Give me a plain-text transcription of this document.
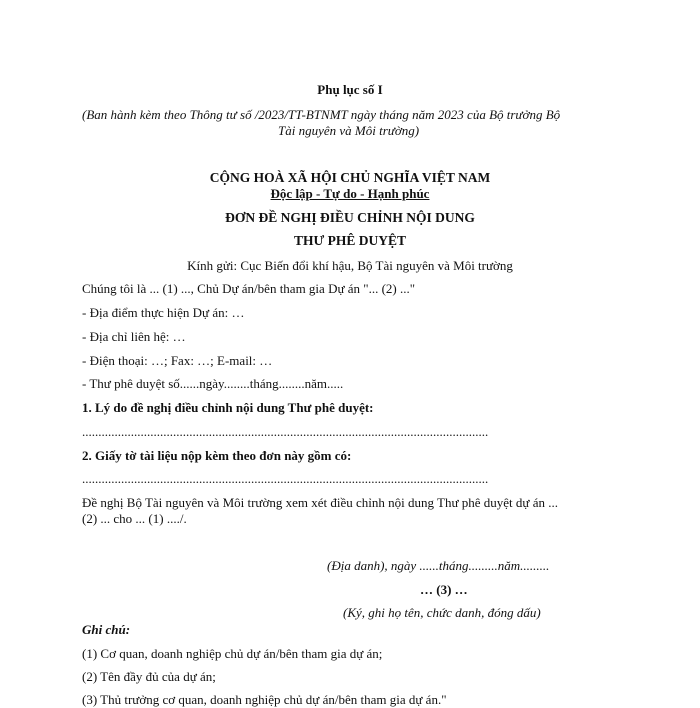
Phụ lục số I
(Ban hành kèm theo Thông tư số /2023/TT-BTNMT ngày tháng năm 2023 của Bộ trưởng Bộ
Tài nguyên và Môi trường)
CỘNG HOÀ XÃ HỘI CHỦ NGHĨA VIỆT NAM
Độc lập - Tự do - Hạnh phúc
ĐƠN ĐỀ NGHỊ ĐIỀU CHỈNH NỘI DUNG
THƯ PHÊ DUYỆT
Kính gửi: Cục Biến đổi khí hậu, Bộ Tài nguyên và Môi trường
Chúng tôi là ... (1) ..., Chủ Dự án/bên tham gia Dự án "... (2) ..."
- Địa điểm thực hiện Dự án: …
- Địa chỉ liên hệ: …
- Điện thoại: …; Fax: …; E-mail: …
- Thư phê duyệt số......ngày........tháng........năm.....
1. Lý do đề nghị điều chỉnh nội dung Thư phê duyệt:
.............................................................................................................................
2. Giấy tờ tài liệu nộp kèm theo đơn này gồm có:
.............................................................................................................................
Đề nghị Bộ Tài nguyên và Môi trường xem xét điều chỉnh nội dung Thư phê duyệt dự án ...
(2) ... cho ... (1) ..../.
(Địa danh), ngày ......tháng.........năm.........
… (3) …
(Ký, ghi họ tên, chức danh, đóng dấu)
Ghi chú:
(1) Cơ quan, doanh nghiệp chủ dự án/bên tham gia dự án;
(2) Tên đầy đủ của dự án;
(3) Thủ trưởng cơ quan, doanh nghiệp chủ dự án/bên tham gia dự án."
